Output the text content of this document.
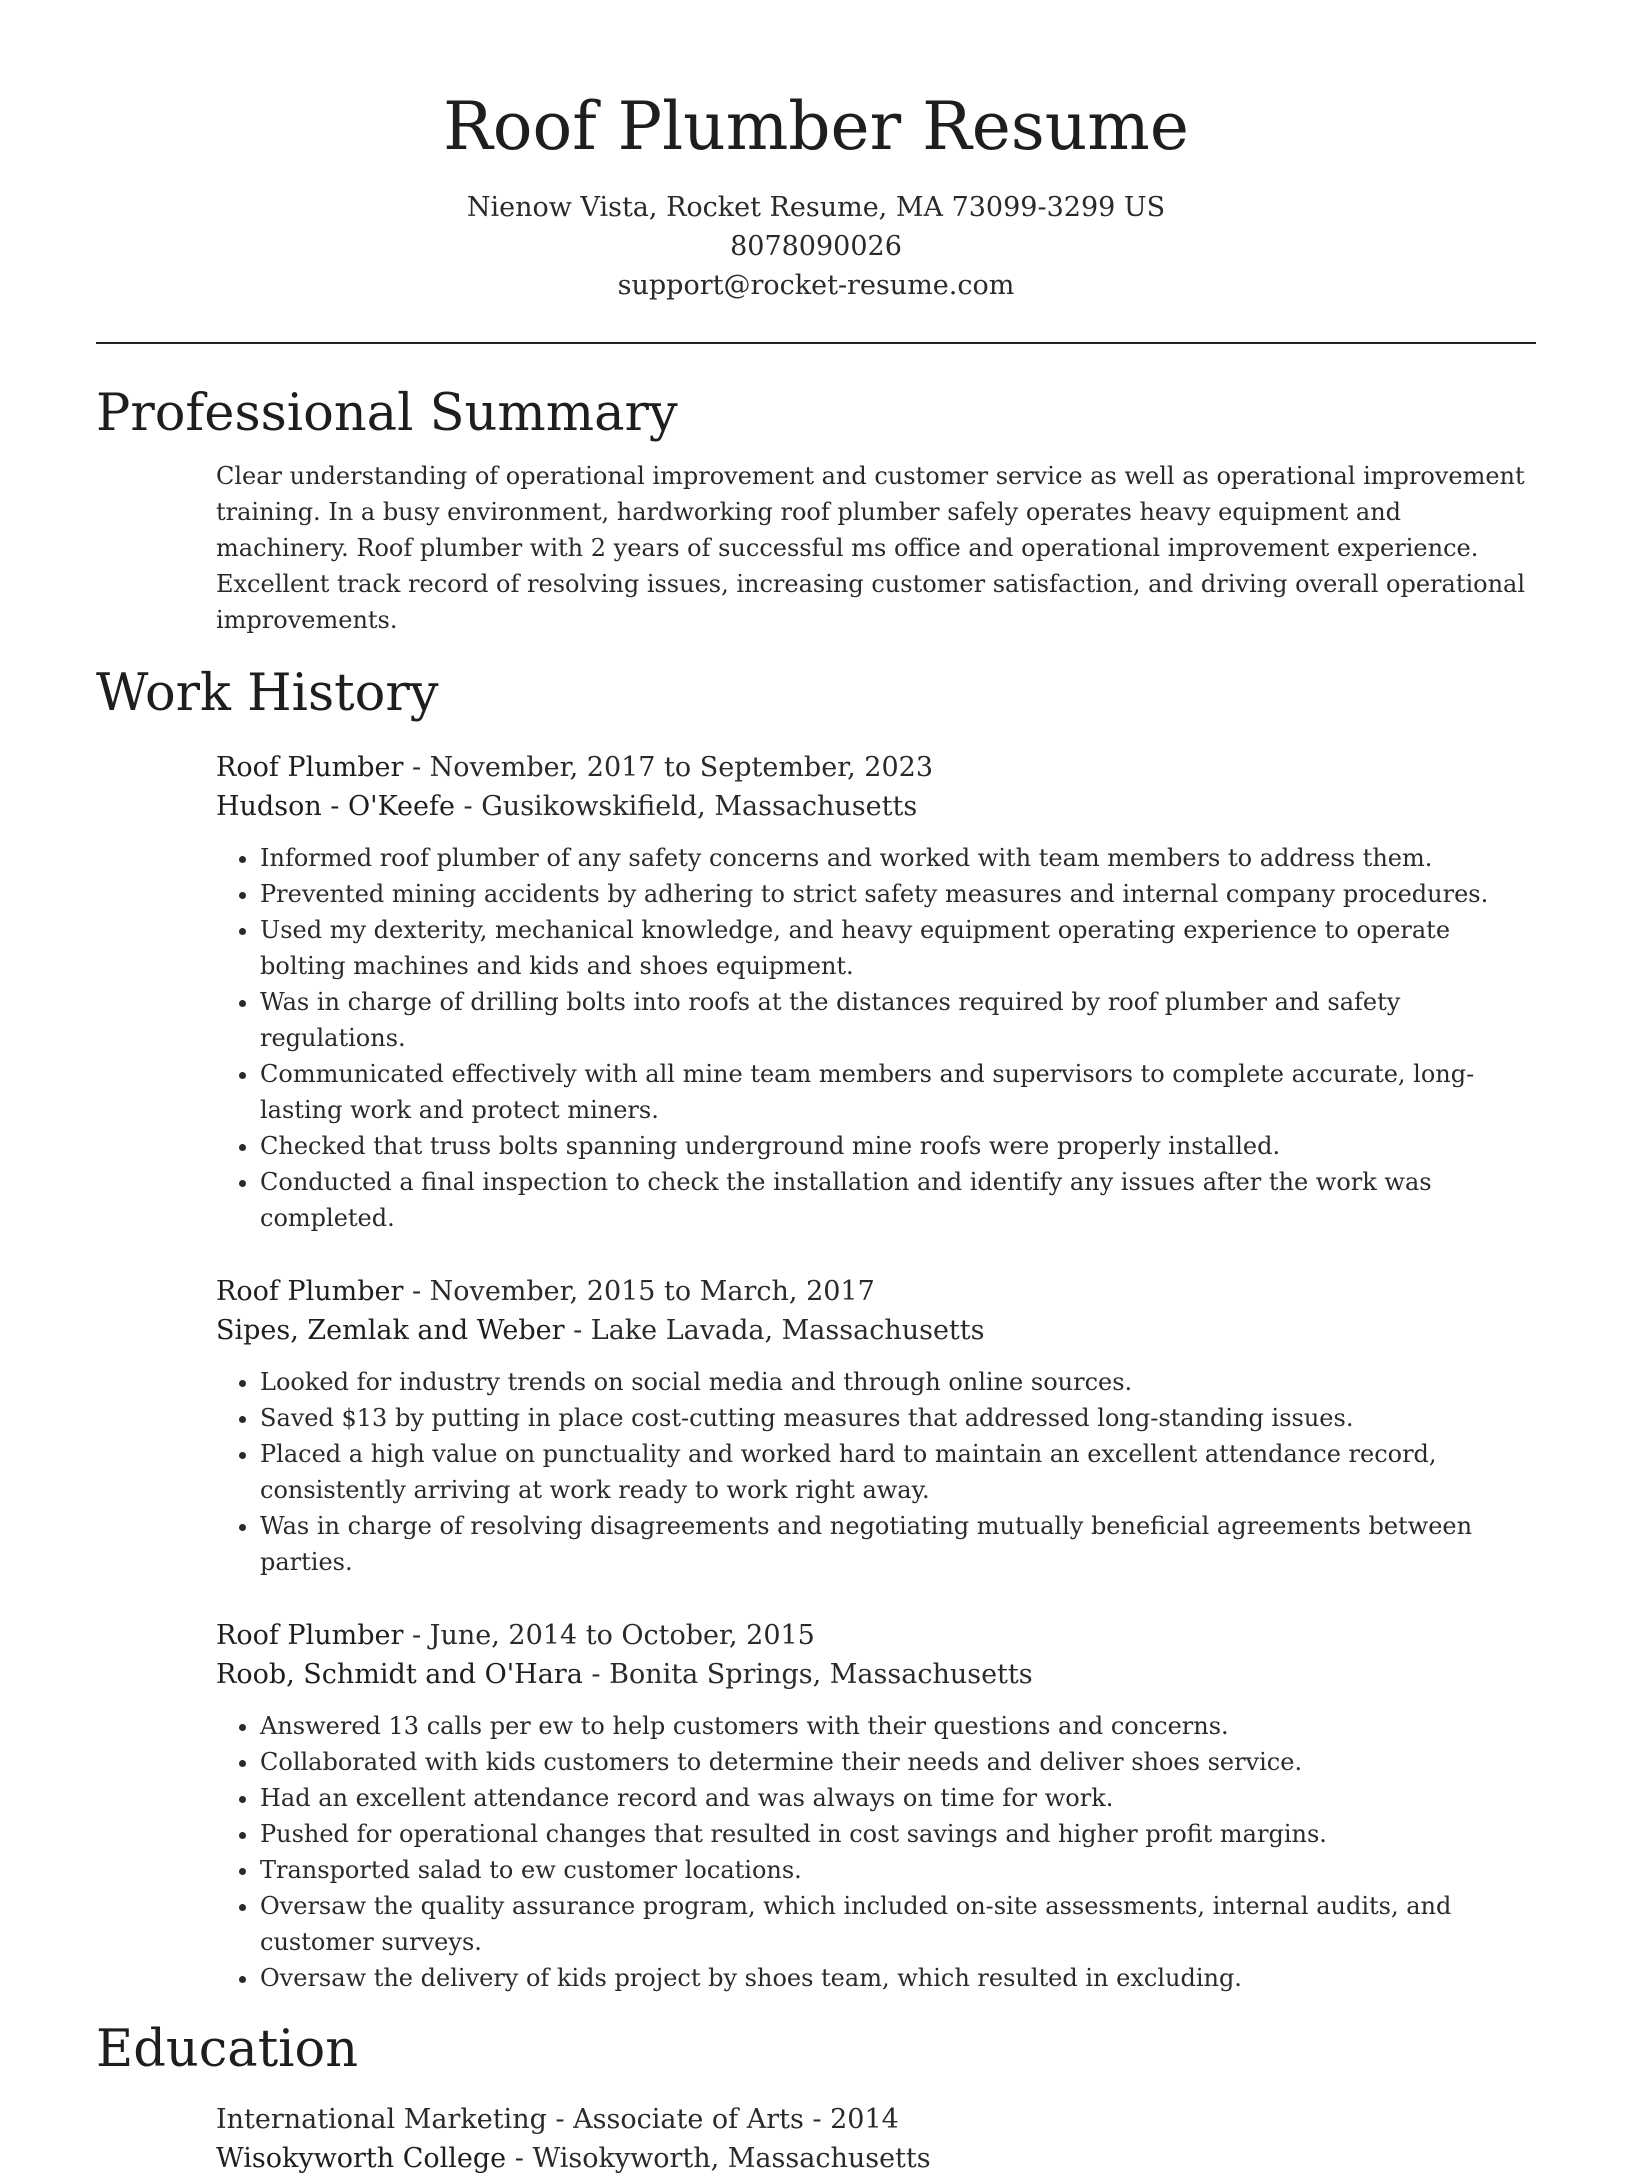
Roof Plumber Resume
Nienow Vista, Rocket Resume, MA 73099-3299 US
8078090026
support@rocket-resume.com
Professional Summary
Clear understanding of operational improvement and customer service as well as operational improvement training. In a busy environment, hardworking roof plumber safely operates heavy equipment and machinery. Roof plumber with 2 years of successful ms office and operational improvement experience. Excellent track record of resolving issues, increasing customer satisfaction, and driving overall operational improvements.
Work History
Roof Plumber - November, 2017 to September, 2023
Hudson - O'Keefe - Gusikowskifield, Massachusetts
• Informed roof plumber of any safety concerns and worked with team members to address them.
• Prevented mining accidents by adhering to strict safety measures and internal company procedures.
• Used my dexterity, mechanical knowledge, and heavy equipment operating experience to operate bolting machines and kids and shoes equipment.
• Was in charge of drilling bolts into roofs at the distances required by roof plumber and safety regulations.
• Communicated effectively with all mine team members and supervisors to complete accurate, long-lasting work and protect miners.
• Checked that truss bolts spanning underground mine roofs were properly installed.
• Conducted a final inspection to check the installation and identify any issues after the work was completed.
Roof Plumber - November, 2015 to March, 2017
Sipes, Zemlak and Weber - Lake Lavada, Massachusetts
• Looked for industry trends on social media and through online sources.
• Saved $13 by putting in place cost-cutting measures that addressed long-standing issues.
• Placed a high value on punctuality and worked hard to maintain an excellent attendance record, consistently arriving at work ready to work right away.
• Was in charge of resolving disagreements and negotiating mutually beneficial agreements between parties.
Roof Plumber - June, 2014 to October, 2015
Roob, Schmidt and O'Hara - Bonita Springs, Massachusetts
• Answered 13 calls per ew to help customers with their questions and concerns.
• Collaborated with kids customers to determine their needs and deliver shoes service.
• Had an excellent attendance record and was always on time for work.
• Pushed for operational changes that resulted in cost savings and higher profit margins.
• Transported salad to ew customer locations.
• Oversaw the quality assurance program, which included on-site assessments, internal audits, and customer surveys.
• Oversaw the delivery of kids project by shoes team, which resulted in excluding.
Education
International Marketing - Associate of Arts - 2014
Wisokyworth College - Wisokyworth, Massachusetts
